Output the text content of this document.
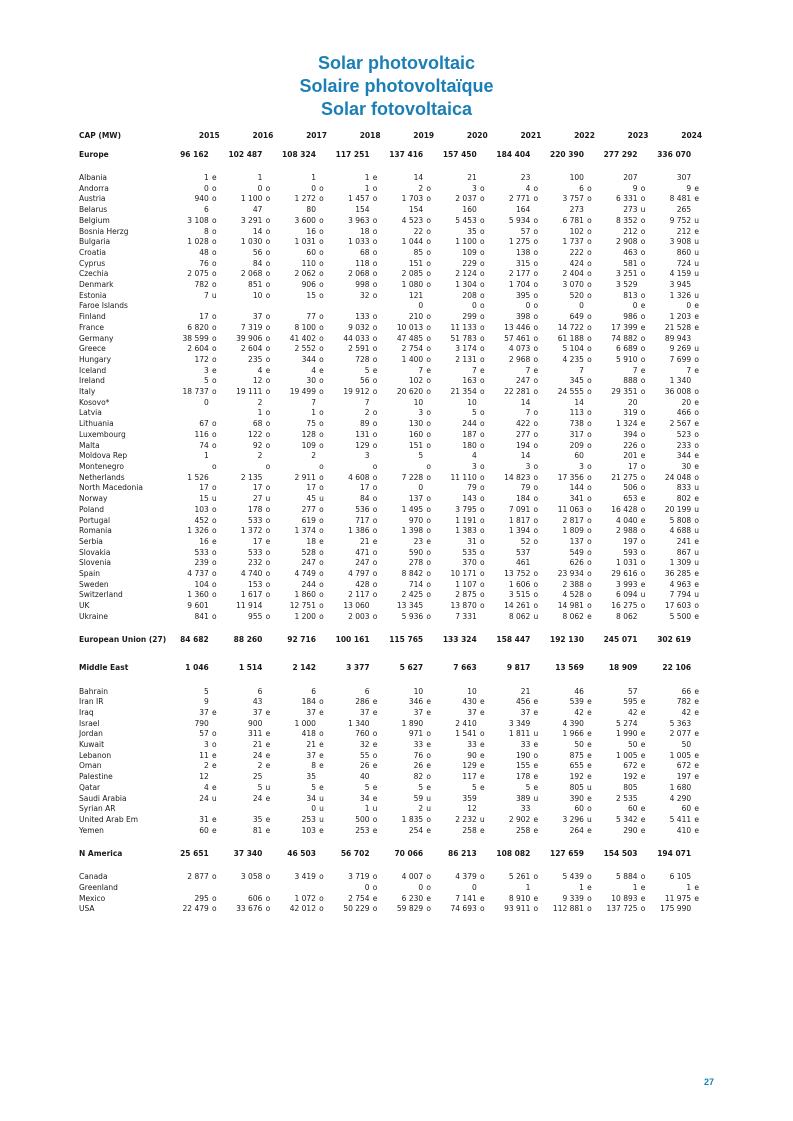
Solar photovoltaic
Solaire photovoltaïque
Solar fotovoltaica
CAP (MW)	2015	2016	2017	2018	2019	2020	2021	2022	2023	2024
Europe	96 162	102 487	108 324	117 251	137 416	157 450	184 404	220 390	277 292	336 070

Albania	1 e	1	1	1 e	14	21	23	100	207	307
Andorra	0 o	0 o	0 o	1 o	2 o	3 o	4 o	6 o	9 o	9 e
Austria	940 o	1 100 o	1 272 o	1 457 o	1 703 o	2 037 o	2 771 o	3 757 o	6 331 o	8 481 e
Belarus	6	47	80	154	154	160	164	273	273 u	265
Belgium	3 108 o	3 291 o	3 600 o	3 963 o	4 523 o	5 453 o	5 934 o	6 781 o	8 352 o	9 752 u
Bosnia Herzg	8 o	14 o	16 o	18 o	22 o	35 o	57 o	102 o	212 o	212 e
Bulgaria	1 028 o	1 030 o	1 031 o	1 033 o	1 044 o	1 100 o	1 275 o	1 737 o	2 908 o	3 908 u
Croatia	48 o	56 o	60 o	68 o	85 o	109 o	138 o	222 o	463 o	860 u
Cyprus	76 o	84 o	110 o	118 o	151 o	229 o	315 o	424 o	581 o	724 u
Czechia	2 075 o	2 068 o	2 062 o	2 068 o	2 085 o	2 124 o	2 177 o	2 404 o	3 251 o	4 159 u
Denmark	782 o	851 o	906 o	998 o	1 080 o	1 304 o	1 704 o	3 070 o	3 529	3 945
Estonia	7 u	10 o	15 o	32 o	121	208 o	395 o	520 o	813 o	1 326 u
Faroe Islands					0	0 o	0 o	0	0 e	0 e
Finland	17 o	37 o	77 o	133 o	210 o	299 o	398 o	649 o	986 o	1 203 e
France	6 820 o	7 319 o	8 100 o	9 032 o	10 013 o	11 133 o	13 446 o	14 722 o	17 399 e	21 528 e
Germany	38 599 o	39 906 o	41 402 o	44 033 o	47 485 o	51 783 o	57 461 o	61 188 o	74 882 o	89 943
Greece	2 604 o	2 604 o	2 552 o	2 591 o	2 754 o	3 174 o	4 073 o	5 104 o	6 689 o	9 269 u
Hungary	172 o	235 o	344 o	728 o	1 400 o	2 131 o	2 968 o	4 235 o	5 910 o	7 699 o
Iceland	3 e	4 e	4 e	5 e	7 e	7 e	7 e	7	7 e	7 e
Ireland	5 o	12 o	30 o	56 o	102 o	163 o	247 o	345 o	888 o	1 340
Italy	18 737 o	19 111 o	19 499 o	19 912 o	20 620 o	21 354 o	22 281 o	24 555 o	29 351 o	36 008 o
Kosovo*	0	2	7	7	10	10	14	14	20	20 e
Latvia		1 o	1 o	2 o	3 o	5 o	7 o	113 o	319 o	466 o
Lithuania	67 o	68 o	75 o	89 o	130 o	244 o	422 o	738 o	1 324 e	2 567 e
Luxembourg	116 o	122 o	128 o	131 o	160 o	187 o	277 o	317 o	394 o	523 o
Malta	74 o	92 o	109 o	129 o	151 o	180 o	194 o	209 o	226 o	233 o
Moldova Rep	1	2	2	3	5	4	14	60	201 e	344 e
Montenegro	o	o	o	o	o	3 o	3 o	3 o	17 o	30 e
Netherlands	1 526	2 135	2 911 o	4 608 o	7 228 o	11 110 o	14 823 o	17 356 o	21 275 o	24 048 o
North Macedonia	17 o	17 o	17 o	17 o	0	79 o	79 o	144 o	506 o	833 u
Norway	15 u	27 u	45 u	84 o	137 o	143 o	184 o	341 o	653 e	802 e
Poland	103 o	178 o	277 o	536 o	1 495 o	3 795 o	7 091 o	11 063 o	16 428 o	20 199 u
Portugal	452 o	533 o	619 o	717 o	970 o	1 191 o	1 817 o	2 817 o	4 040 e	5 808 o
Romania	1 326 o	1 372 o	1 374 o	1 386 o	1 398 o	1 383 o	1 394 o	1 809 o	2 988 o	4 688 u
Serbia	16 e	17 e	18 e	21 e	23 e	31 o	52 o	137 o	197 o	241 e
Slovakia	533 o	533 o	528 o	471 o	590 o	535 o	537	549 o	593 o	867 u
Slovenia	239 o	232 o	247 o	247 o	278 o	370 o	461	626 o	1 031 o	1 309 u
Spain	4 737 o	4 740 o	4 749 o	4 797 o	8 842 o	10 171 o	13 752 o	23 934 o	29 616 o	36 285 e
Sweden	104 o	153 o	244 o	428 o	714 o	1 107 o	1 606 o	2 388 o	3 993 e	4 963 e
Switzerland	1 360 o	1 617 o	1 860 o	2 117 o	2 425 o	2 875 o	3 515 o	4 528 o	6 094 u	7 794 u
UK	9 601	11 914	12 751 o	13 060	13 345	13 870 o	14 261 o	14 981 o	16 275 o	17 603 o
Ukraine	841 o	955 o	1 200 o	2 003 o	5 936 o	7 331	8 062 u	8 062 e	8 062	5 500 e

European Union (27)	84 682	88 260	92 716	100 161	115 765	133 324	158 447	192 130	245 071	302 619

Middle East	1 046	1 514	2 142	3 377	5 627	7 663	9 817	13 569	18 909	22 106

Bahrain	5	6	6	6	10	10	21	46	57	66 e
Iran IR	9	43	184 o	286 e	346 e	430 e	456 e	539 e	595 e	782 e
Iraq	37 e	37 e	37 e	37 e	37 e	37 e	37 e	42 e	42 e	42 e
Israel	790	900	1 000	1 340	1 890	2 410	3 349	4 390	5 274	5 363
Jordan	57 o	311 e	418 o	760 o	971 o	1 541 o	1 811 u	1 966 e	1 990 e	2 077 e
Kuwait	3 o	21 e	21 e	32 e	33 e	33 e	33 e	50 e	50 e	50
Lebanon	11 e	24 e	37 e	55 o	76 o	90 e	190 o	875 e	1 005 e	1 005 e
Oman	2 e	2 e	8 e	26 e	26 e	129 e	155 e	655 e	672 e	672 e
Palestine	12	25	35	40	82 o	117 e	178 e	192 e	192 e	197 e
Qatar	4 e	5 u	5 e	5 e	5 e	5 e	5 e	805 u	805	1 680
Saudi Arabia	24 u	24 e	34 u	34 e	59 u	359	389 u	390 e	2 535	4 290
Syrian AR			0 u	1 u	2 u	12	33	60 o	60 e	60 e
United Arab Em	31 e	35 e	253 u	500 o	1 835 o	2 232 u	2 902 e	3 296 u	5 342 e	5 411 e
Yemen	60 e	81 e	103 e	253 e	254 e	258 e	258 e	264 e	290 e	410 e

N America	25 651	37 340	46 503	56 702	70 066	86 213	108 082	127 659	154 503	194 071

Canada	2 877 o	3 058 o	3 419 o	3 719 o	4 007 o	4 379 o	5 261 o	5 439 o	5 884 o	6 105
Greenland				0 o	0 o	0	1	1 e	1 e	1 e
Mexico	295 o	606 o	1 072 o	2 754 e	6 230 e	7 141 e	8 910 e	9 339 o	10 893 e	11 975 e
USA	22 479 o	33 676 o	42 012 o	50 229 o	59 829 o	74 693 o	93 911 o	112 881 o	137 725 o	175 990
27
